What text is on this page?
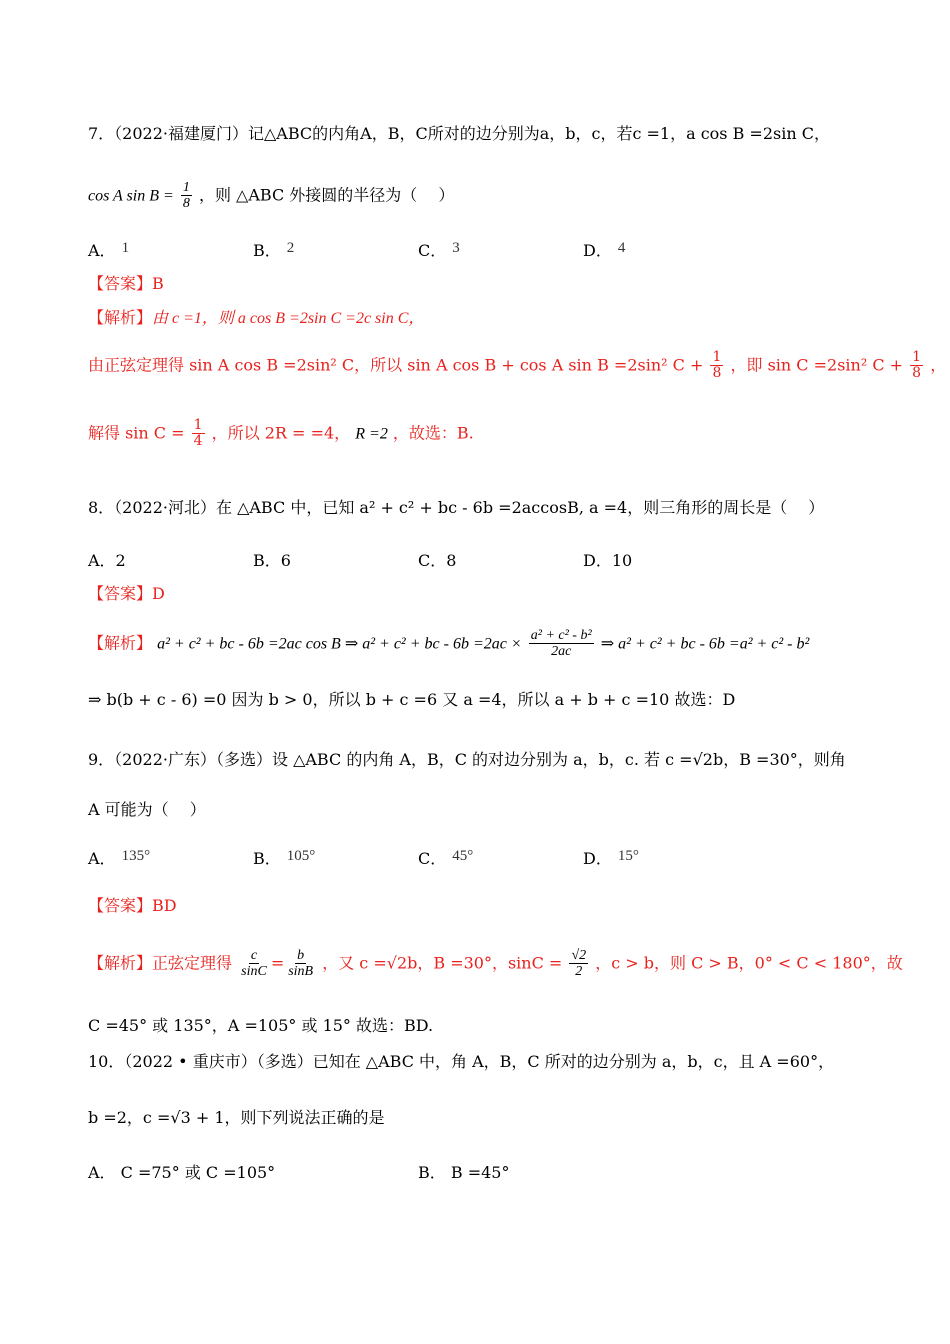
7．（2022·福建厦门）记△ABC的内角A，B，C所对的边分别为a，b，c，若c =1，a cos B =2sin C，
cos A $\sin B = \frac{1}{8}$ ，则 △ABC 外接圆的半径为（　 ）
A． 1	B． 2	C． 3	D． 4
【答案】B
【解析】由 c =1，则 a cos B =2sin C =2c sin C，
由正弦定理得 sin A cos B =2sin² C，所以 sin A cos B + cos A sin B =2sin² $C + \frac{1}{8}$ ，即 sin C =2sin² $C + \frac{1}{8}$ ，
解得 $\sin C = \frac{1}{4}$ ，所以 2R = =4， R =2 ，故选：B.
8．（2022·河北）在 △ABC 中，已知 a² + c² + bc - 6b =2accosB, a =4，则三角形的周长是（　 ）
A．2	B．6	C．8	D．10
【答案】D
【解析】 a² + c² + bc - 6b =2ac cos B ⇒ a² + c² + bc - $6b =2ac \times \frac{\text{a² + c² - b²}}{2ac}$ ⇒ a² + c² + bc - 6b =a² + c² - b²
⇒ b(b + c - 6) =0 因为 b > 0，所以 b + c =6 又 a =4，所以 a + b + c =10 故选：D
9．（2022·广东）（多选）设 △ABC 的内角 A，B，C 的对边分别为 a，b，c. 若 c =√2b，B =30°，则角
A 可能为（　 ）
A． 135°	B． 105°	C． 45°	D． 15°
【答案】BD
【解析】正弦定理得 $\frac{c}{\sin C} = \frac{b}{\sin B}$ ，又 c =√2b，B =30°，$\sin C = \frac{√2}{2}$ ，c > b，则 C > B，0° < C < 180°，故
C =45° 或 135°，A =105° 或 15° 故选：BD.
10．（2022 • 重庆市）（多选）已知在 △ABC 中，角 A，B，C 所对的边分别为 a，b，c，且 A =60°，
b =2，c =√3 + 1，则下列说法正确的是
A． C =75° 或 C =105°	B． B =45°
